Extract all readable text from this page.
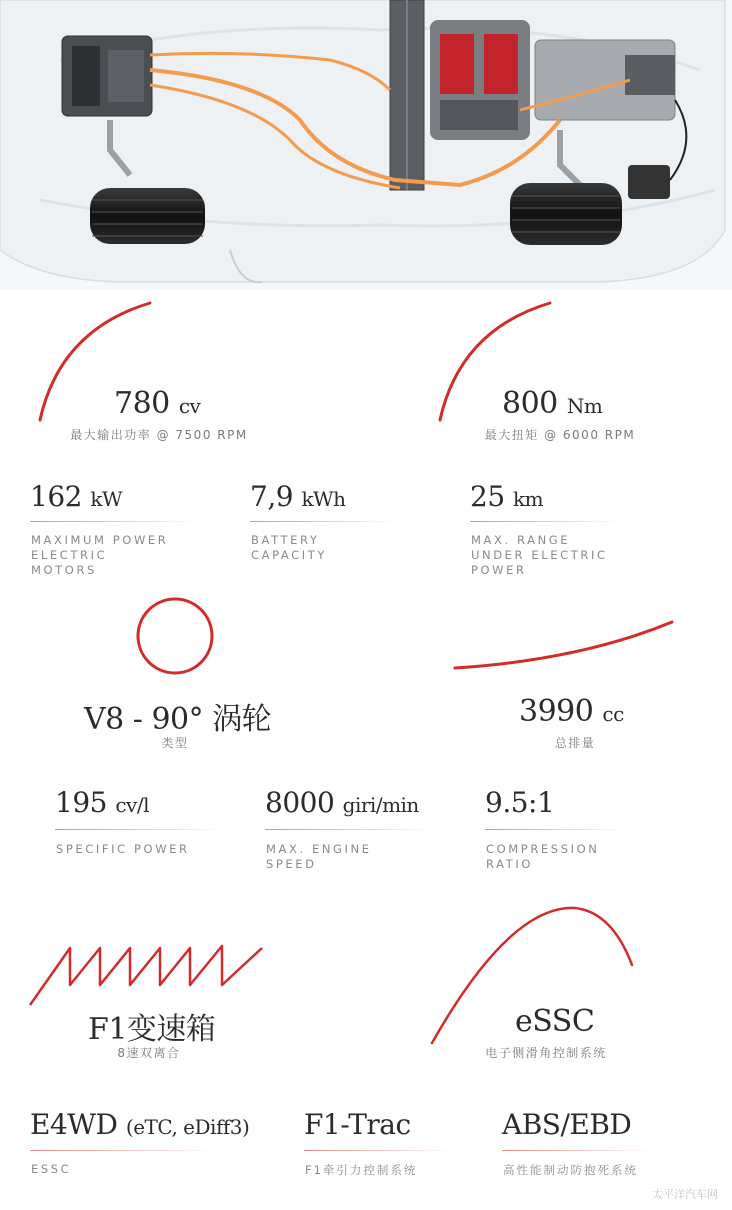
780 cv
最大输出功率 @ 7500 RPM
800 Nm
最大扭矩 @ 6000 RPM
162 kW
MAXIMUM POWER
ELECTRIC
MOTORS
7,9 kWh
BATTERY
CAPACITY
25 km
MAX. RANGE
UNDER ELECTRIC
POWER
V8 - 90° 涡轮
类型
3990 cc
总排量
195 cv/l
SPECIFIC POWER
8000 giri/min
MAX. ENGINE
SPEED
9.5:1
COMPRESSION
RATIO
F1变速箱
8速双离合
eSSC
电子侧滑角控制系统
E4WD (eTC, eDiff3)
ESSC
F1-Trac
F1牵引力控制系统
ABS/EBD
高性能制动防抱死系统
太平洋汽车网
